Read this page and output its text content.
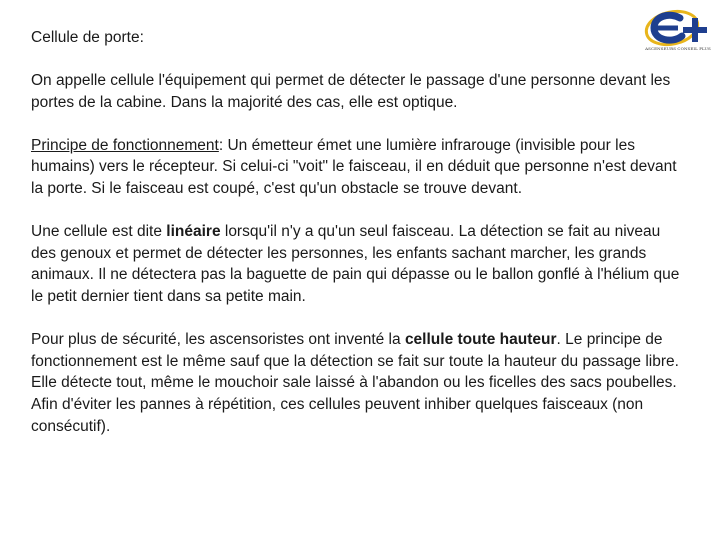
Cellule de porte:
ASCENSEURS CONSEIL PLUS

On appelle cellule l'équipement qui permet de détecter le passage d'une personne devant les portes de la cabine. Dans la majorité des cas, elle est optique.

Principe de fonctionnement: Un émetteur émet une lumière infrarouge (invisible pour les humains) vers le récepteur. Si celui-ci "voit" le faisceau, il en déduit que personne n'est devant la porte. Si le faisceau est coupé, c'est qu'un obstacle se trouve devant.

Une cellule est dite linéaire lorsqu'il n'y a qu'un seul faisceau. La détection se fait au niveau des genoux et permet de détecter les personnes, les enfants sachant marcher, les grands animaux. Il ne détectera pas la baguette de pain qui dépasse ou le ballon gonflé à l'hélium que le petit dernier tient dans sa petite main.

Pour plus de sécurité, les ascensoristes ont inventé la cellule toute hauteur. Le principe de fonctionnement est le même sauf que la détection se fait sur toute la hauteur du passage libre. Elle détecte tout, même le mouchoir sale laissé à l'abandon ou les ficelles des sacs poubelles. Afin d'éviter les pannes à répétition, ces cellules peuvent inhiber quelques faisceaux (non consécutif).
